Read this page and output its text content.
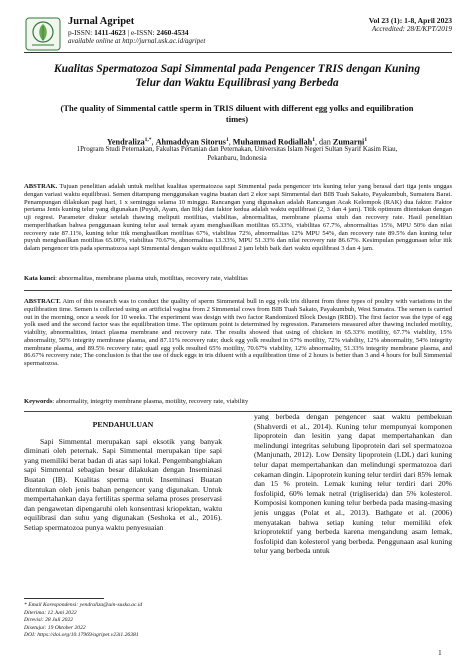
Jurnal Agripet
p-ISSN: 1411-4623 | e-ISSN: 2460-4534
available online at http://jurnal.usk.ac.id/agripet
Vol 23 (1): 1-8, April 2023
Accredited: 28/E/KPT/2019
Kualitas Spermatozoa Sapi Simmental pada Pengencer TRIS dengan Kuning Telur dan Waktu Equilibrasi yang Berbeda
(The quality of Simmental cattle sperm in TRIS diluent with different egg yolks and equilibration times)
Yendraliza$^{1,*}$, Ahmaddyan Sitorus$^1$, Muhammad Rodiallah$^1$, dan Zumarni$^1$
1Program Studi Peternakan, Fakultas Pertanian dan Peternakan, Universitas Islam Negeri Sultan Syarif Kasim Riau,
Pekanbaru, Indonesia
ABSTRAK. Tujuan penelitian adalah untuk melihat kualitas spermatozoa sapi Simmental pada pengencer tris kuning telur yang berasal dari tiga jenis unggas dengan variasi waktu equilibrasi. Semen ditampung menggunakan vagina buatan dari 2 ekor sapi Simmental dari BIB Tuah Sakato, Payakumbuh, Sumatera Barat. Penampungan dilakukan pagi hari, 1 x seminggu selama 10 minggu. Rancangan yang digunakan adalah Rancangan Acak Kelompok (RAK) dua faktor. Faktor pertama Jenis kuning telur yang digunakan (Puyuh, Ayam, dan Itik) dan faktor kedua adalah waktu equilibrasi (2, 3 dan 4 jam). Titik optimum ditentukan dengan uji regresi. Parameter diukur setelah thawing meliputi motilitas, viabilitas, abnormalitas, membrane plasma utuh dan recovery rate. Hasil penelitian memperlihatkan bahwa penggunaan kuning telur asal ternak ayam menghasilkan motilitas 65.33%, viabilitas 67.7%, abnormalitas 15%, MPU 50% dan nilai recovery rate 87.11%, kuning telur itik menghasilkan motilitas 67%, viabilitas 72%, abnormalitas 12% MPU 54%, dan recovery rate 89.5% dan kuning telur puyuh menghasilkan motilitas 65.00%, viabilitas 70.67%, abnormalitas 13.33%, MPU 51.33% dan nilai recovery rate 86.67%. Kesimpulan penggunaan telur itik dalam pengencer tris pada spermatozoa sapi Simmental dengan waktu equilibrasi 2 jam lebih baik dari waktu equilibrasi 3 dan 4 jam.
Kata kunci: abnormalitas, membrane plasma utuh, motilitas, recovery rate, viabilitas
ABSTRACT. Aim of this research was to conduct the quality of sperm Simmental bull in egg yolk tris diluent from three types of poultry with variations in the equilibration time. Semen is collected using an artificial vagina from 2 Simmental cows from BIB Tuah Sakato, Payakumbuh, West Sumatra. The semen is carried out in the morning, once a week for 10 weeks. The experiment was design with two factor Randomized Block Design (RBD). The first factor was the type of egg yolk used and the second factor was the equilibration time. The optimum point is determined by regression. Parameters measured after thawing included motility, viability, abnormalities, intact plasma membrane and recovery rate. The results showed that using of chicken in 65.33% motility, 67.7% viability, 15% abnormality, 50% integrity membrane plasma, and 87.11% recovery rate; duck egg yolk resulted in 67% motility, 72% viability, 12% abnormality, 54% integrity membrane plasma, and 89.5% recovery rate; quail egg yolk resulted 65% motility, 70.67% viability, 12% abnormality, 51.33% integrity membrane plasma, and 86.67% recovery rate; The conclusion is that the use of duck eggs in tris diluent with a equilibration time of 2 hours is better than 3 and 4 hours for bull Simmental spermatozoa.
Keywords: abnormality, integrity membrane plasma, motility, recovery rate, viability
PENDAHULUAN

Sapi Simmental merupakan sapi eksotik yang banyak diminati oleh peternak. Sapi Simmental merupakan tipe sapi yang memiliki berat badan di atas sapi lokal. Pengembangbiakan sapi Simmental sebagian besar dilakukan dengan Inseminasi Buatan (IB). Kualitas sperma untuk Inseminasi Buatan ditentukan oleh jenis bahan pengencer yang digunakan. Untuk mempertahankan daya fertilitas sperma selama proses preservasi dan pengawetan dipengaruhi oleh konsentrasi kriopektan, waktu equilibrasi dan suhu yang digunakan (Seshoka et al., 2016). Setiap spermatozoa punya waktu penyesuaian

yang berbeda dengan pengencer saat waktu pembekuan (Shahverdi et al., 2014). Kuning telur mempunyai komponen lipoprotein dan lesitin yang dapat mempertahankan dan melindungi integritas selubung lipoprotein dari sel spermatozoa (Manjunath, 2012). Low Density lipoprotein (LDL) dari kuning telur dapat mempertahankan dan melindungi spermatozoa dari cekaman dingin. Lipoprotein kuning telur terdiri dari 85% lemak dan 15 % protein. Lemak kuning telur terdiri dari 20% fosfolipid, 60% lemak netral (trigliserida) dan 5% kolesterol. Komposisi komponen kuning telur berbeda pada masing-masing jenis unggas (Polat et al., 2013). Bathgate et al. (2006) menyatakan bahwa setiap kuning telur memiliki efek krioprotektif yang berbeda karena mengandung asam lemak, fosfolipid dan kolesterol yang berbeda. Penggunaan asal kuning telur yang berbeda untuk

* Email Korespondensi: yendraliza@uin-suska.ac.id
Diterima: 12 Juni 2022
Direvisi: 28 Juli 2022
Disetujui: 19 Oktober 2022
DOI: https://doi.org/10.17969/agripet.v23i1.26381
1
